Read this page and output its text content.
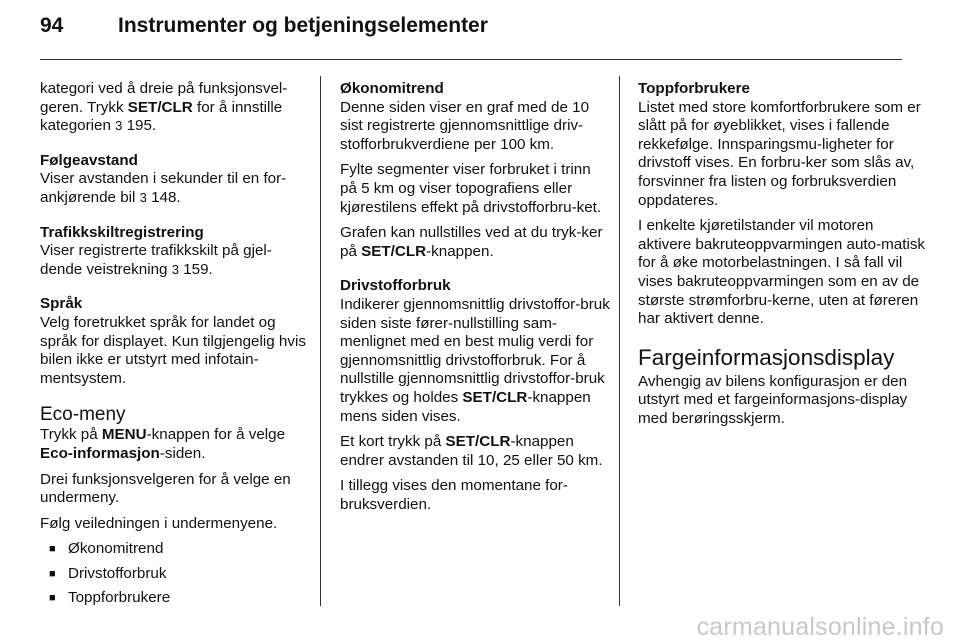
94	Instrumenter og betjeningselementer

kategori ved å dreie på funksjonsvel-geren. Trykk SET/CLR for å innstille kategorien 3 195.

Følgeavstand
Viser avstanden i sekunder til en for-ankjørende bil 3 148.
Trafikkskiltregistrering
Viser registrerte trafikkskilt på gjel-dende veistrekning 3 159.
Språk
Velg foretrukket språk for landet og språk for displayet. Kun tilgjengelig hvis bilen ikke er utstyrt med infotain-mentsystem.
Eco-meny

Trykk på MENU-knappen for å velge Eco-informasjon-siden.

Drei funksjonsvelgeren for å velge en undermeny.

Følg veiledningen i undermenyene.

■ Økonomitrend
■ Drivstofforbruk
■ Toppforbrukere
Økonomitrend

Denne siden viser en graf med de 10 sist registrerte gjennomsnittlige driv-stofforbrukverdiene per 100 km.

Fylte segmenter viser forbruket i trinn på 5 km og viser topografiens eller kjørestilens effekt på drivstofforbru-ket.

Grafen kan nullstilles ved at du tryk-ker på SET/CLR-knappen.

Drivstofforbruk

Indikerer gjennomsnittlig drivstoffor-bruk siden siste fører-nullstilling sam-menlignet med en best mulig verdi for gjennomsnittlig drivstofforbruk. For å nullstille gjennomsnittlig drivstoffor-bruk trykkes og holdes SET/CLR-knappen mens siden vises.

Et kort trykk på SET/CLR-knappen endrer avstanden til 10, 25 eller 50 km.

I tillegg vises den momentane for-bruksverdien.

Toppforbrukere

Listet med store komfortforbrukere som er slått på for øyeblikket, vises i fallende rekkefølge. Innsparingsmu-ligheter for drivstoff vises. En forbru-ker som slås av, forsvinner fra listen og forbruksverdien oppdateres.

I enkelte kjøretilstander vil motoren aktivere bakruteoppvarmingen auto-matisk for å øke motorbelastningen. I så fall vil vises bakruteoppvarmingen som en av de største strømforbru-kerne, uten at føreren har aktivert denne.

Fargeinformasjonsdisplay

Avhengig av bilens konfigurasjon er den utstyrt med et fargeinformasjons-display med berøringsskjerm.

carmanualsonline.info
